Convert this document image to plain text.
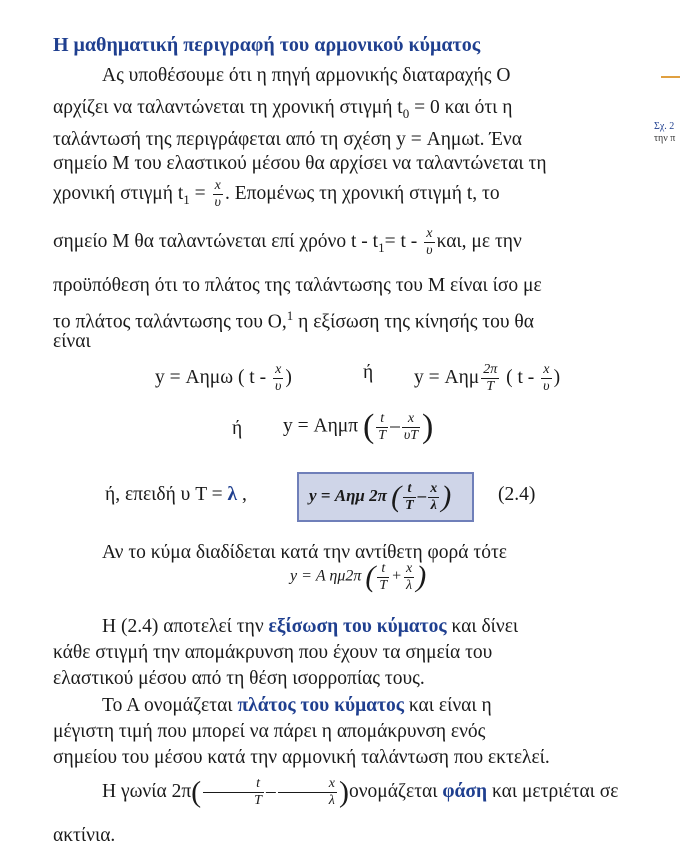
Σχ. 2
την π
Η μαθηματική περιγραφή του αρμονικού κύματος
Ας υποθέσουμε ότι η πηγή αρμονικής διαταραχής O
αρχίζει να ταλαντώνεται τη χρονική στιγμή $t_0 = 0$ και ότι η
ταλάντωσή της περιγράφεται από τη σχέση y = Αημωt. Ένα
σημείο Μ του ελαστικού μέσου θα αρχίσει να ταλαντώνεται τη
χρονική στιγμή $t_1 = \frac{x}{\upsilon}$ . Επομένως τη χρονική στιγμή t, το
σημείο Μ θα ταλαντώνεται επί χρόνο $t - t_1= t - \frac{x}{\upsilon} \kappa\alpha\iota$, με την
προϋπόθεση ότι το πλάτος της ταλάντωσης του Μ είναι ίσο με
το πλάτος ταλάντωσης του O,$^1$ η εξίσωση της κίνησής του θα
είναι
y = Αημω ( t - $\frac{x}{\upsilon}$ )	ή y = Αημ $\frac{2\pi}{T}$ ( t - $\frac{x}{\upsilon}$ )
ή y = Αημπ ( $\frac{t}{T} - \frac{x}{\upsilon T}$ )
ή, επειδή υ T = λ ,	y = Αημ 2π ( $\frac{t}{T} - \frac{x}{\lambda}$ ) (2.4)
Αν το κύμα διαδίδεται κατά την αντίθετη φορά τότε
y = Α ημ2π ( $\frac{t}{T} + \frac{x}{\lambda}$ )
Η (2.4) αποτελεί την εξίσωση του κύματος και δίνει
κάθε στιγμή την απομάκρυνση που έχουν τα σημεία του
ελαστικού μέσου από τη θέση ισορροπίας τους.
Το Α ονομάζεται πλάτος του κύματος και είναι η
μέγιστη τιμή που μπορεί να πάρει η απομάκρυνση ενός
σημείου του μέσου κατά την αρμονική ταλάντωση που εκτελεί.
Η γωνία $2\pi( \frac{t}{T} - \frac{x}{\lambda} )o\nu o\mu ά\zeta\varepsilon\tau\alpha\iota$ φάση και μετριέται σε
ακτίνια.
